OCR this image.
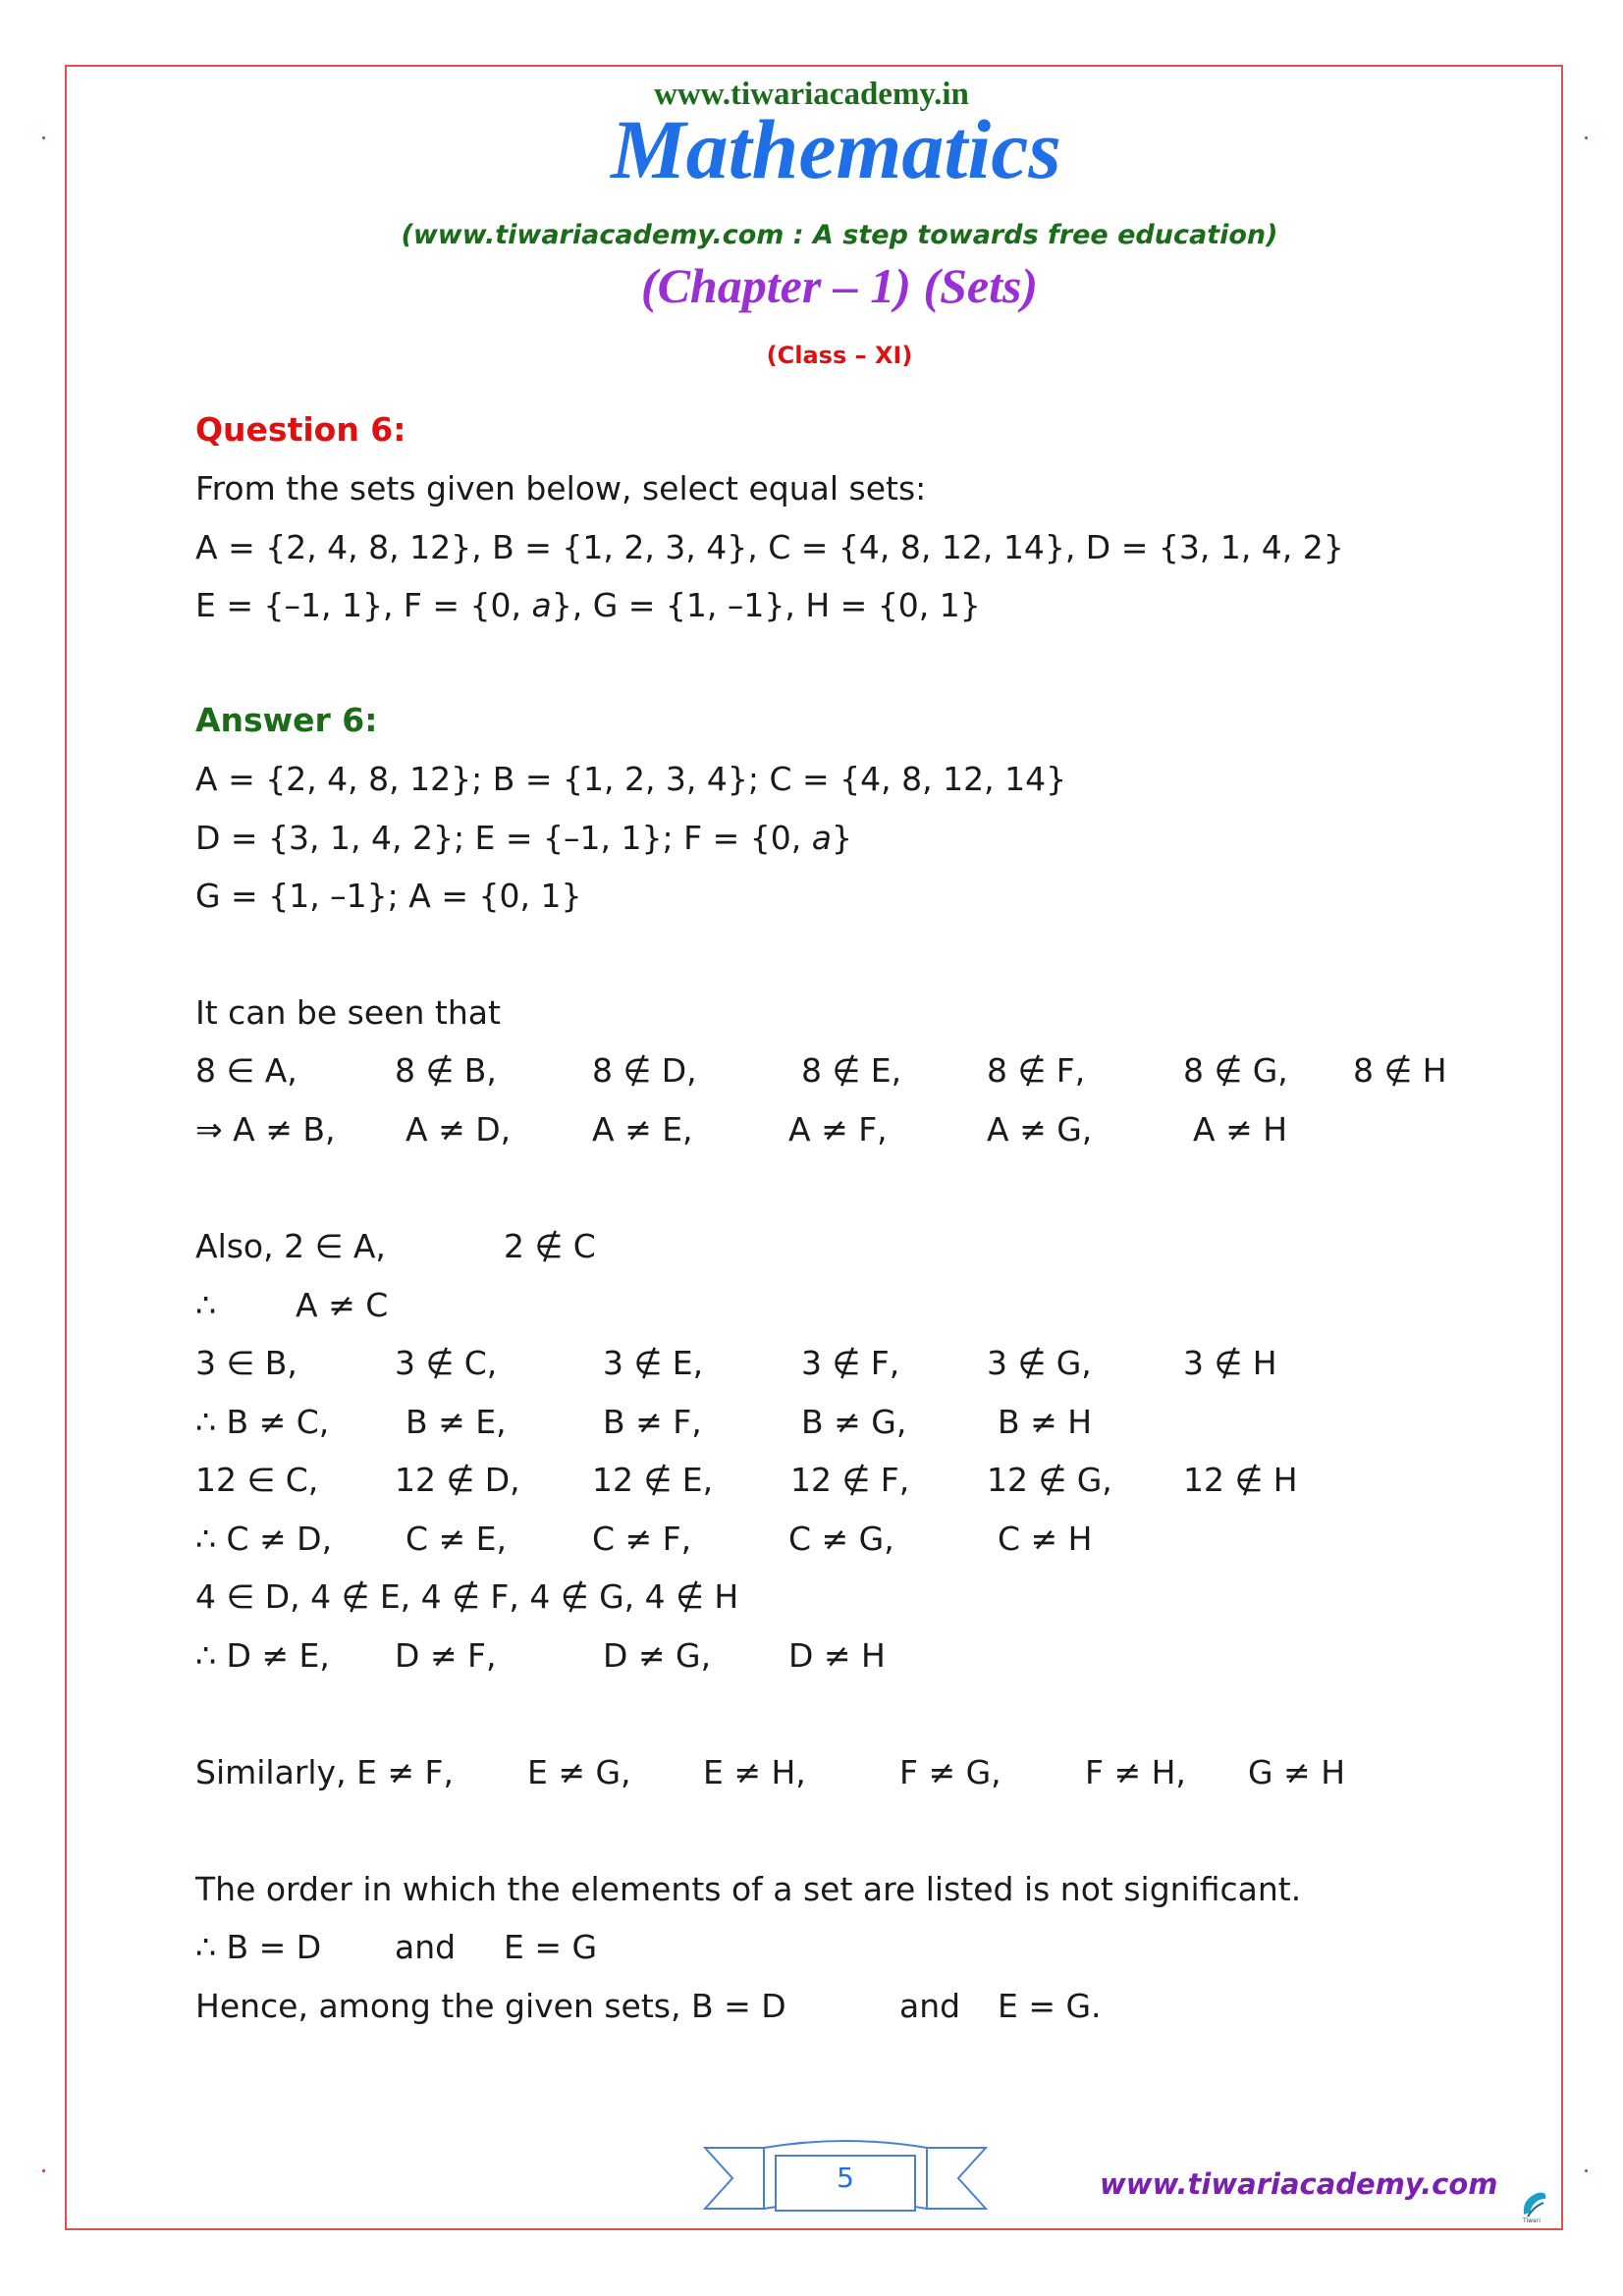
www.tiwariacademy.in
Mathematics
(www.tiwariacademy.com : A step towards free education)
(Chapter – 1) (Sets)
(Class – XI)
Question 6:
From the sets given below, select equal sets:
A = {2, 4, 8, 12}, B = {1, 2, 3, 4}, C = {4, 8, 12, 14}, D = {3, 1, 4, 2}
E = {–1, 1}, F = {0, a}, G = {1, –1}, H = {0, 1}
Answer 6:
A = {2, 4, 8, 12}; B = {1, 2, 3, 4}; C = {4, 8, 12, 14}
D = {3, 1, 4, 2}; E = {–1, 1}; F = {0, a}
G = {1, –1}; A = {0, 1}
It can be seen that
8 ∈ A,	8 ∉ B,	8 ∉ D,	8 ∉ E,	8 ∉ F,	8 ∉ G, 8 ∉ H
⇒ A ≠ B, A ≠ D,	A ≠ E,	A ≠ F,	A ≠ G,	A ≠ H
Also, 2 ∈ A,	2 ∉ C
∴ A ≠ C
3 ∈ B,	3 ∉ C,	3 ∉ E,	3 ∉ F,	3 ∉ G,	3 ∉ H
∴ B ≠ C, B ≠ E,	B ≠ F,	B ≠ G,	B ≠ H
12 ∈ C, 12 ∉ D, 12 ∉ E, 12 ∉ F, 12 ∉ G, 12 ∉ H
∴ C ≠ D, C ≠ E,	C ≠ F,	C ≠ G,	C ≠ H
4 ∈ D, 4 ∉ E, 4 ∉ F, 4 ∉ G, 4 ∉ H
∴ D ≠ E, D ≠ F,	D ≠ G, D ≠ H
Similarly, E ≠ F, E ≠ G, E ≠ H,	F ≠ G,	F ≠ H, G ≠ H
The order in which the elements of a set are listed is not significant.
∴ B = D and E = G
Hence, among the given sets, B = D	and E = G.
5	www.tiwariacademy.com
Tiwari
